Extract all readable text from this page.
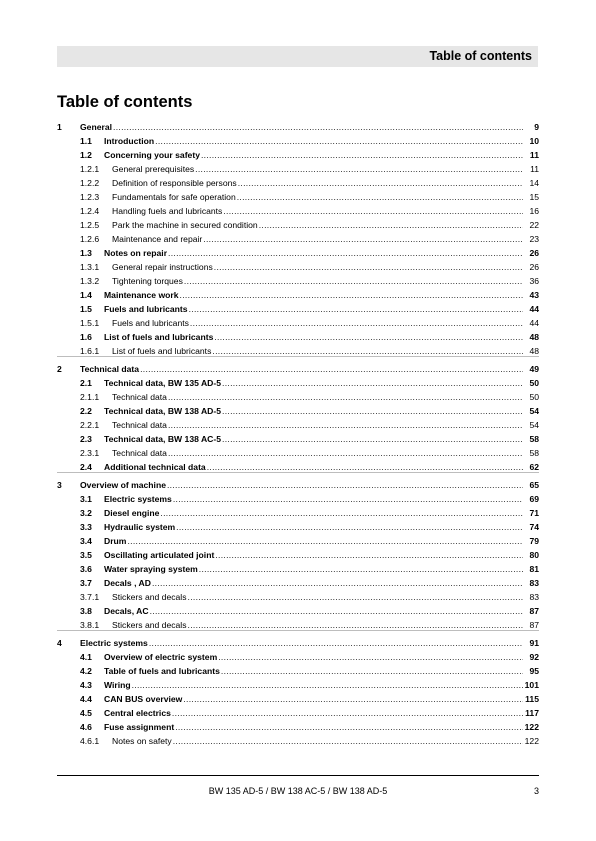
Table of contents
Table of contents
1 General .....	9
1.1	Introduction .....	10
1.2	Concerning your safety .....	11
1.2.1	General prerequisites .....	11
1.2.2	Definition of responsible persons .....	14
1.2.3	Fundamentals for safe operation .....	15
1.2.4	Handling fuels and lubricants .....	16
1.2.5	Park the machine in secured condition .....	22
1.2.6	Maintenance and repair .....	23
1.3	Notes on repair .....	26
1.3.1	General repair instructions .....	26
1.3.2	Tightening torques .....	36
1.4	Maintenance work .....	43
1.5	Fuels and lubricants .....	44
1.5.1	Fuels and lubricants .....	44
1.6	List of fuels and lubricants .....	48
1.6.1	List of fuels and lubricants .....	48
2 Technical data .....	49
2.1	Technical data, BW 135 AD-5 .....	50
2.1.1	Technical data .....	50
2.2	Technical data, BW 138 AD-5 .....	54
2.2.1	Technical data .....	54
2.3	Technical data, BW 138 AC-5 .....	58
2.3.1	Technical data .....	58
2.4	Additional technical data .....	62
3 Overview of machine .....	65
3.1	Electric systems .....	69
3.2	Diesel engine .....	71
3.3	Hydraulic system .....	74
3.4	Drum .....	79
3.5	Oscillating articulated joint .....	80
3.6	Water spraying system .....	81
3.7	Decals , AD .....	83
3.7.1	Stickers and decals .....	83
3.8	Decals, AC .....	87
3.8.1	Stickers and decals .....	87
4 Electric systems .....	91
4.1	Overview of electric system .....	92
4.2	Table of fuels and lubricants .....	95
4.3	Wiring .....	101
4.4	CAN BUS overview .....	115
4.5	Central electrics .....	117
4.6	Fuse assignment .....	122
4.6.1	Notes on safety .....	122
BW 135 AD-5 / BW 138 AC-5 / BW 138 AD-5	3
